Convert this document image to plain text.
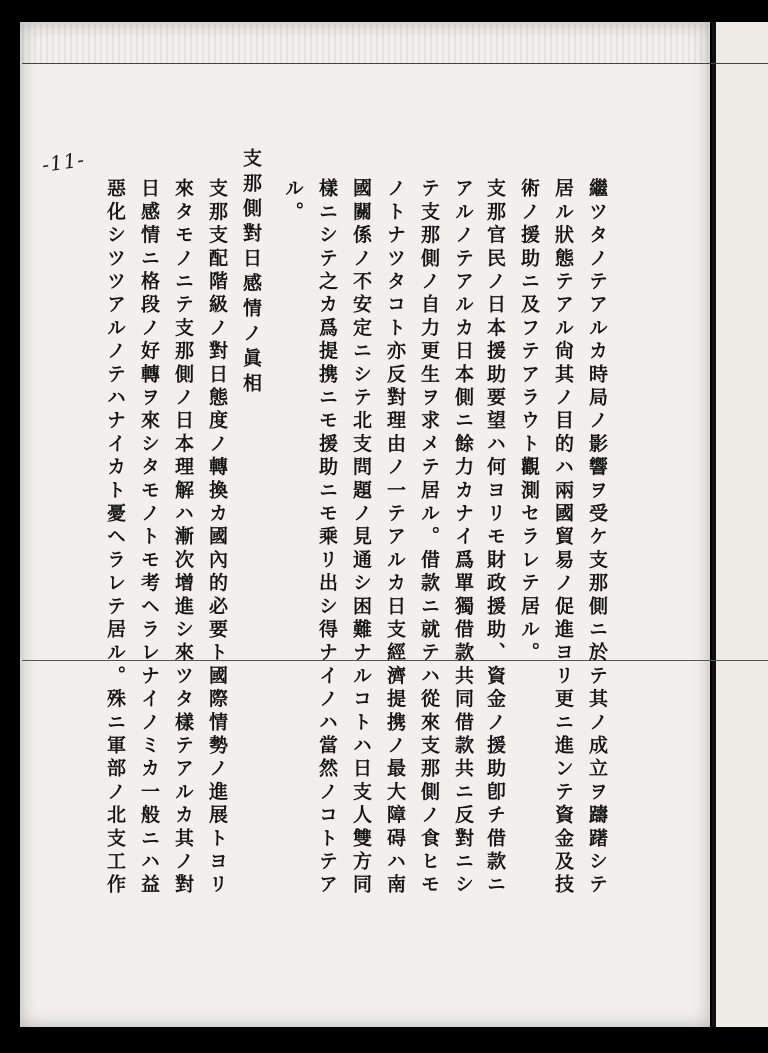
-11-
繼ツタノテアルカ時局ノ影響ヲ受ケ支那側ニ於テ其ノ成立ヲ躊躇シテ
居ル狀態テアル尙其ノ目的ハ兩國貿易ノ促進ヨリ更ニ進ンテ資金及技
術ノ援助ニ及フテアラウト觀測セラレテ居ル。
支那官民ノ日本援助要望ハ何ヨリモ財政援助、資金ノ援助卽チ借款ニ
アルノテアルカ日本側ニ餘力カナイ爲單獨借款共同借款共ニ反對ニシ
テ支那側ノ自力更生ヲ求メテ居ル。借款ニ就テハ從來支那側ノ食ヒモ
ノトナツタコト亦反對理由ノ一テアルカ日支經濟提携ノ最大障碍ハ南
國關係ノ不安定ニシテ北支問題ノ見通シ困難ナルコトハ日支人雙方同
樣ニシテ之カ爲提携ニモ援助ニモ乘リ出シ得ナイノハ當然ノコトテア
ル。
支那側對日感情ノ眞相
支那支配階級ノ對日態度ノ轉換カ國內的必要ト國際情勢ノ進展トヨリ
來タモノニテ支那側ノ日本理解ハ漸次增進シ來ツタ樣テアルカ其ノ對
日感情ニ格段ノ好轉ヲ來シタモノトモ考ヘラレナイノミカ一般ニハ益
惡化シツツアルノテハナイカト憂ヘラレテ居ル。殊ニ軍部ノ北支工作
